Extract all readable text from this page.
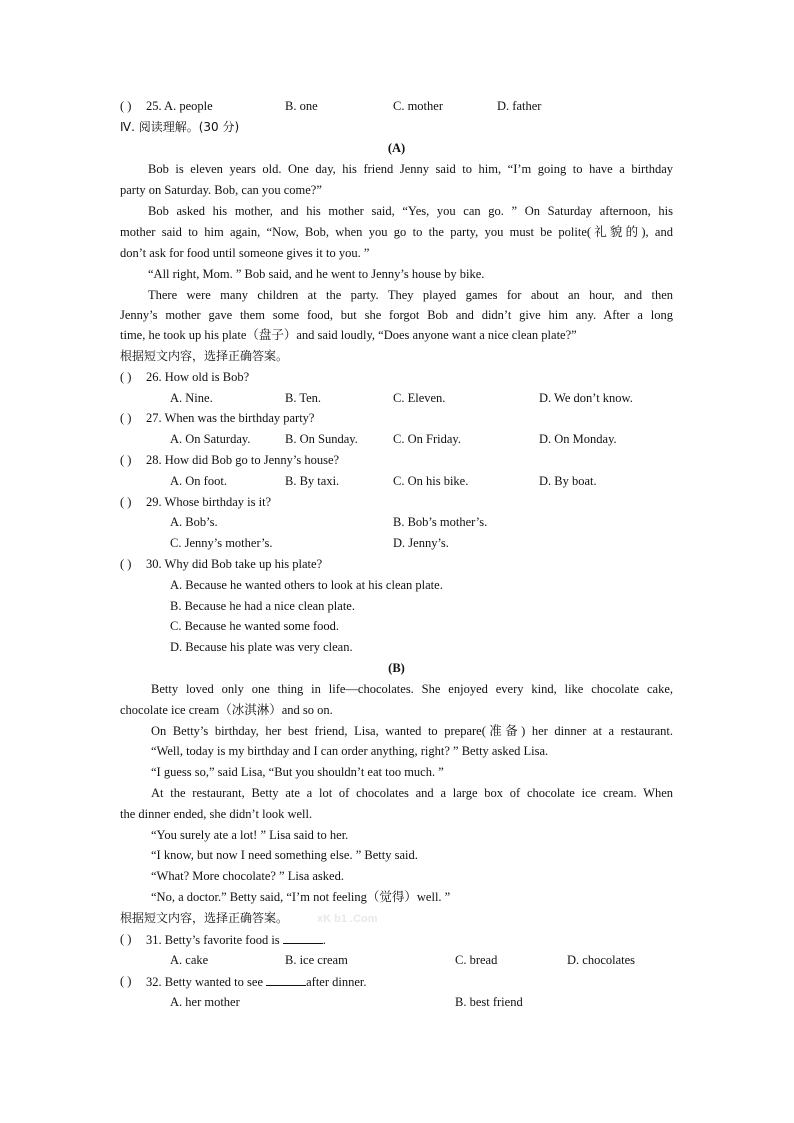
( ) 25. A. people	B. one	C. mother	D. father
Ⅳ. 阅读理解。(30 分)
(A)
Bob is eleven years old. One day, his friend Jenny said to him, “I’m going to have a birthday
party on Saturday. Bob, can you come?”
Bob asked his mother, and his mother said, “Yes, you can go. ” On Saturday afternoon, his
mother said to him again, “Now, Bob, when you go to the party, you must be polite(礼貌的), and
don’t ask for food until someone gives it to you. ”
“All right, Mom. ” Bob said, and he went to Jenny’s house by bike.
There were many children at the party. They played games for about an hour, and then
Jenny’s mother gave them some food, but she forgot Bob and didn’t give him any. After a long
time, he took up his plate（盘子）and said loudly, “Does anyone want a nice clean plate?”
根据短文内容，选择正确答案。
( ) 26. How old is Bob?
A. Nine.	B. Ten.	C. Eleven.	D. We don’t know.
( ) 27. When was the birthday party?
A. On Saturday.	B. On Sunday.	C. On Friday.	D. On Monday.
( ) 28. How did Bob go to Jenny’s house?
A. On foot.	B. By taxi.	C. On his bike.	D. By boat.
( ) 29. Whose birthday is it?
A. Bob’s.	B. Bob’s mother’s.
C. Jenny’s mother’s.	D. Jenny’s.
( ) 30. Why did Bob take up his plate?
A. Because he wanted others to look at his clean plate.
B. Because he had a nice clean plate.
C. Because he wanted some food.
D. Because his plate was very clean.
(B)
Betty loved only one thing in life—chocolates. She enjoyed every kind, like chocolate cake,
chocolate ice cream（冰淇淋）and so on.
On Betty’s birthday, her best friend, Lisa, wanted to prepare(准备) her dinner at a restaurant.
“Well, today is my birthday and I can order anything, right? ” Betty asked Lisa.
“I guess so,” said Lisa, “But you shouldn’t eat too much. ”
At the restaurant, Betty ate a lot of chocolates and a large box of chocolate ice cream. When
the dinner ended, she didn’t look well.
“You surely ate a lot! ” Lisa said to her.
“I know, but now I need something else. ” Betty said.
“What? More chocolate? ” Lisa asked.
“No, a doctor.” Betty said, “I’m not feeling（觉得）well. ”
根据短文内容，选择正确答案。	xK b1 .Com
( ) 31. Betty’s favorite food is	.
A. cake	B. ice cream	C. bread	D. chocolates
( ) 32. Betty wanted to see	after dinner.
A. her mother	B. best friend
